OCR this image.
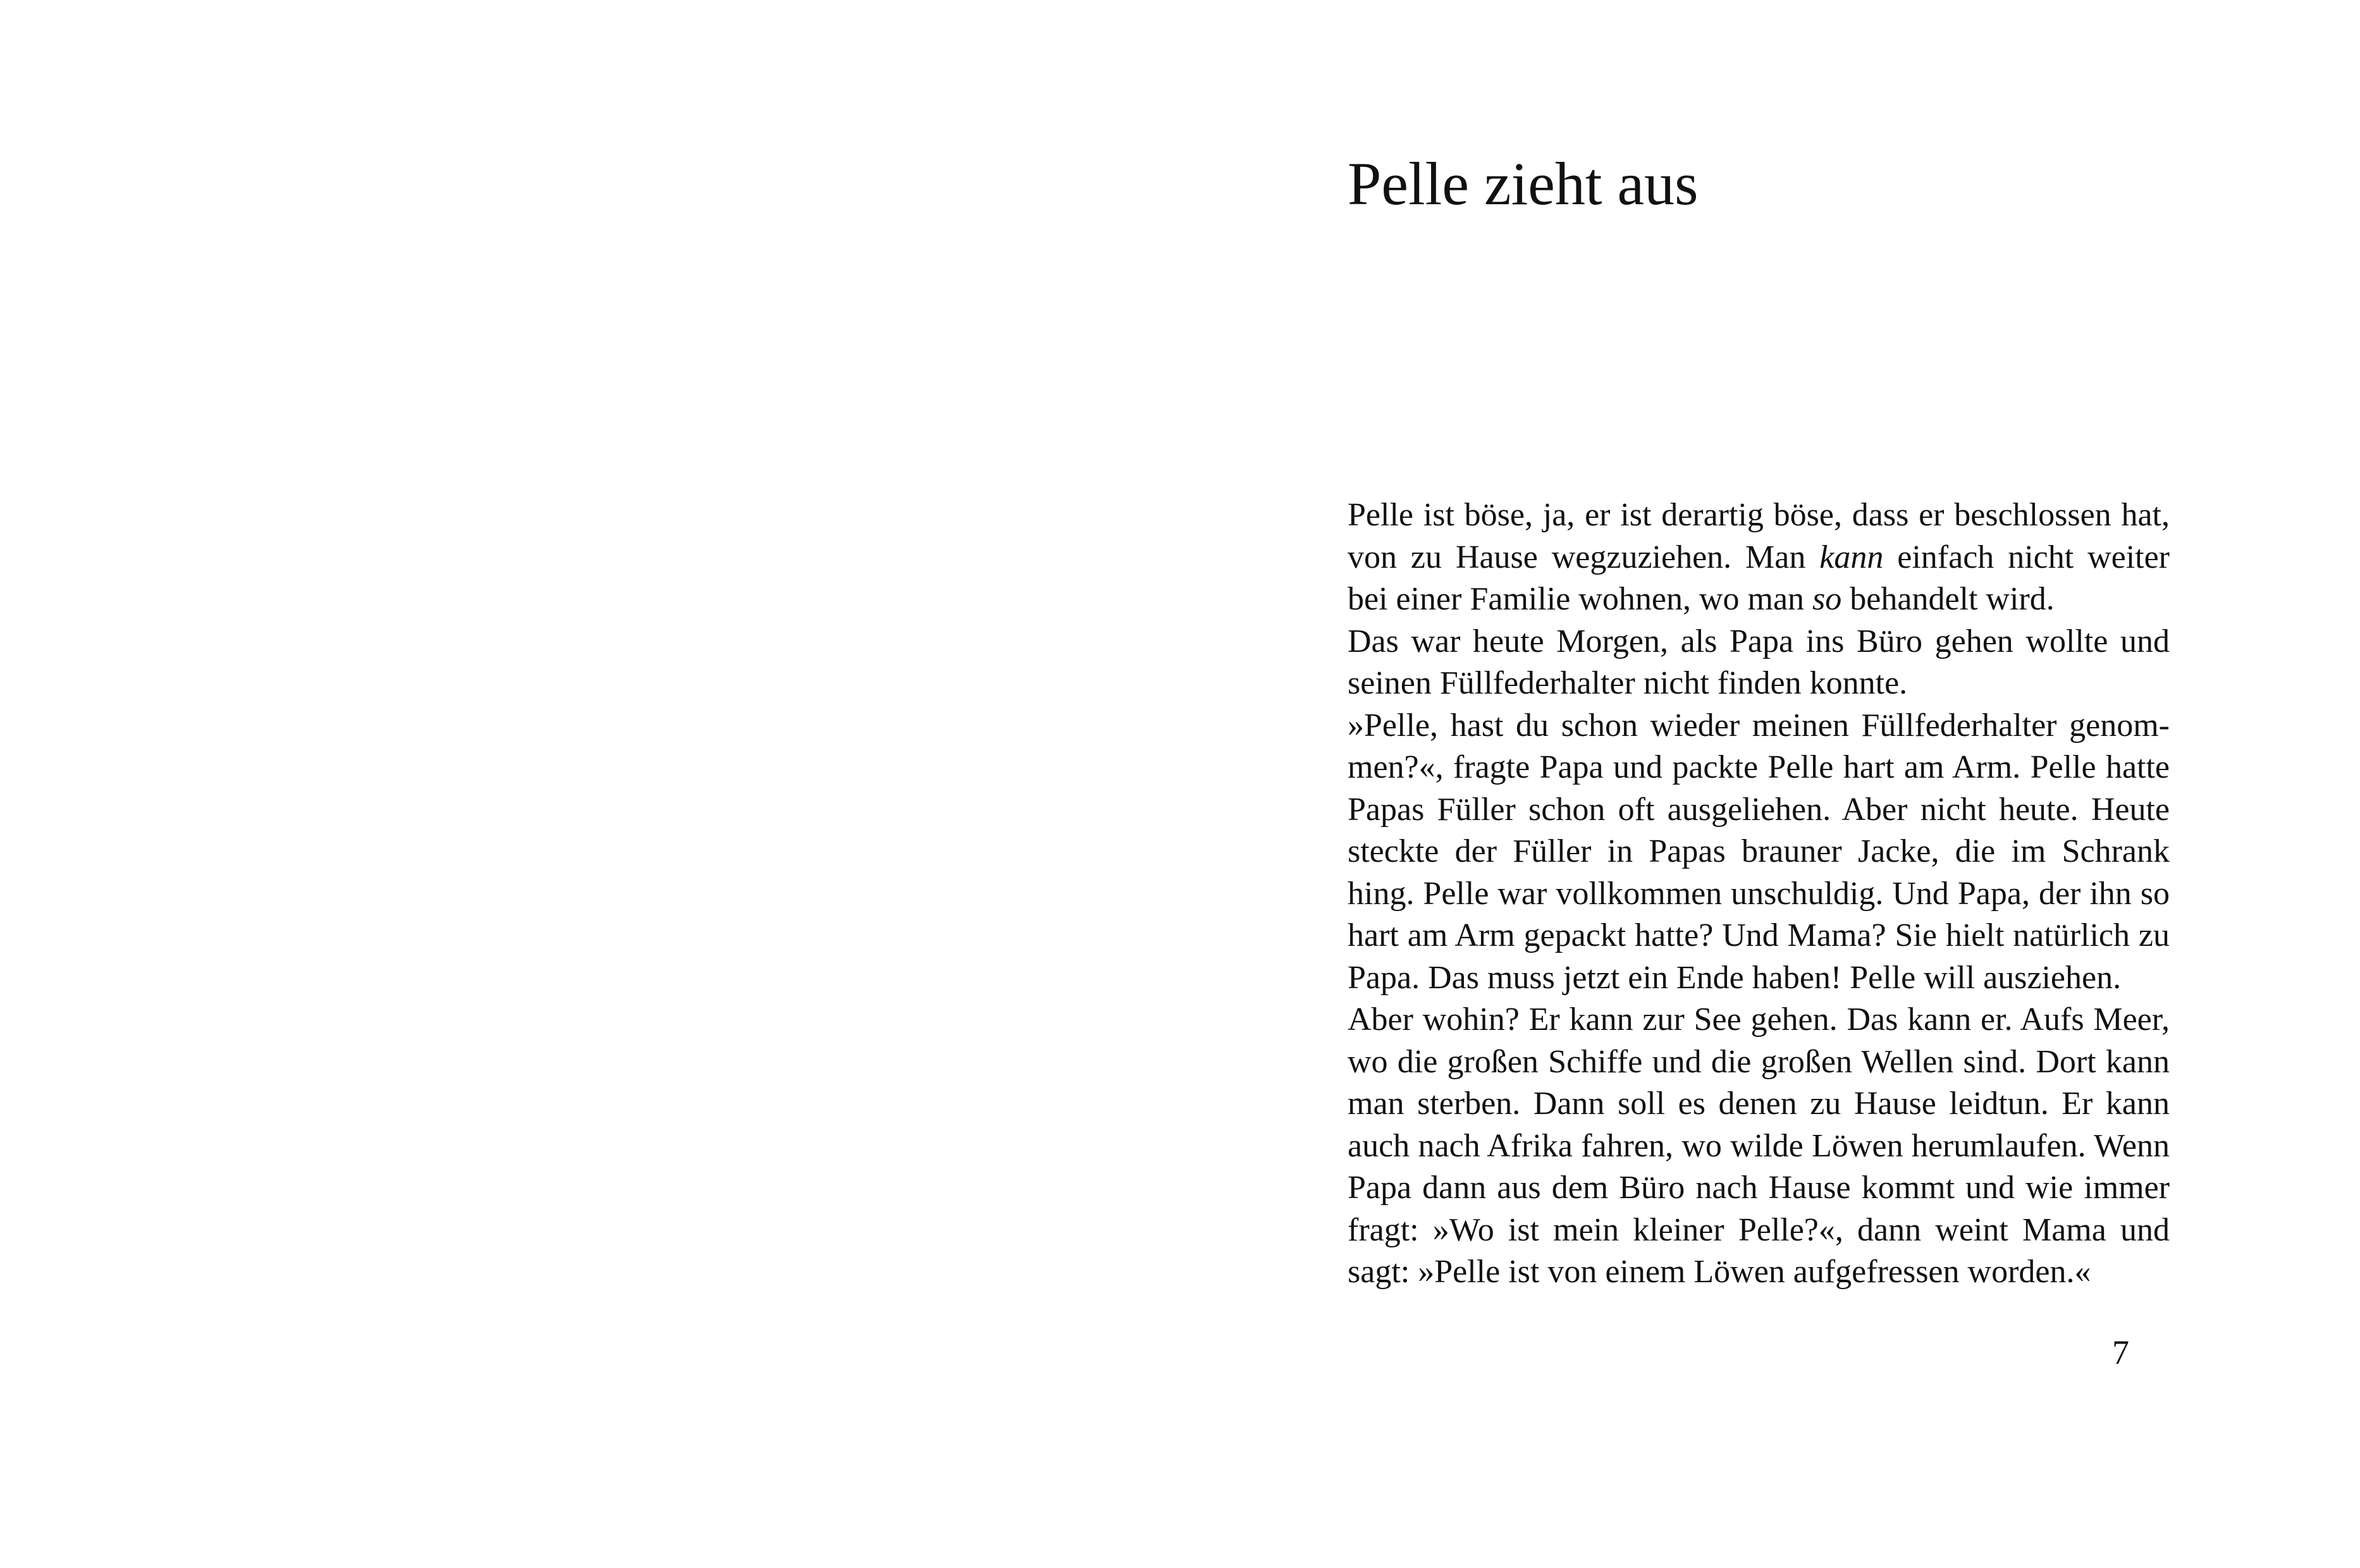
Pelle zieht aus

Pelle ist böse, ja, er ist derartig böse, dass er beschlossen hat, von zu Hause wegzuziehen. Man kann einfach nicht weiter bei einer Familie wohnen, wo man so behandelt wird.

Das war heute Morgen, als Papa ins Büro gehen wollte und seinen Füllfederhalter nicht finden konnte.

»Pelle, hast du schon wieder meinen Füllfederhalter genommen?«, fragte Papa und packte Pelle hart am Arm. Pelle hatte Papas Füller schon oft ausgeliehen. Aber nicht heute. Heute steckte der Füller in Papas brauner Jacke, die im Schrank hing. Pelle war vollkommen unschuldig. Und Papa, der ihn so hart am Arm gepackt hatte? Und Mama? Sie hielt natürlich zu Papa. Das muss jetzt ein Ende haben! Pelle will ausziehen.

Aber wohin? Er kann zur See gehen. Das kann er. Aufs Meer, wo die großen Schiffe und die großen Wellen sind. Dort kann man sterben. Dann soll es denen zu Hause leidtun. Er kann auch nach Afrika fahren, wo wilde Löwen herumlaufen. Wenn Papa dann aus dem Büro nach Hause kommt und wie immer fragt: »Wo ist mein kleiner Pelle?«, dann weint Mama und sagt: »Pelle ist von einem Löwen aufgefressen worden.«

7
